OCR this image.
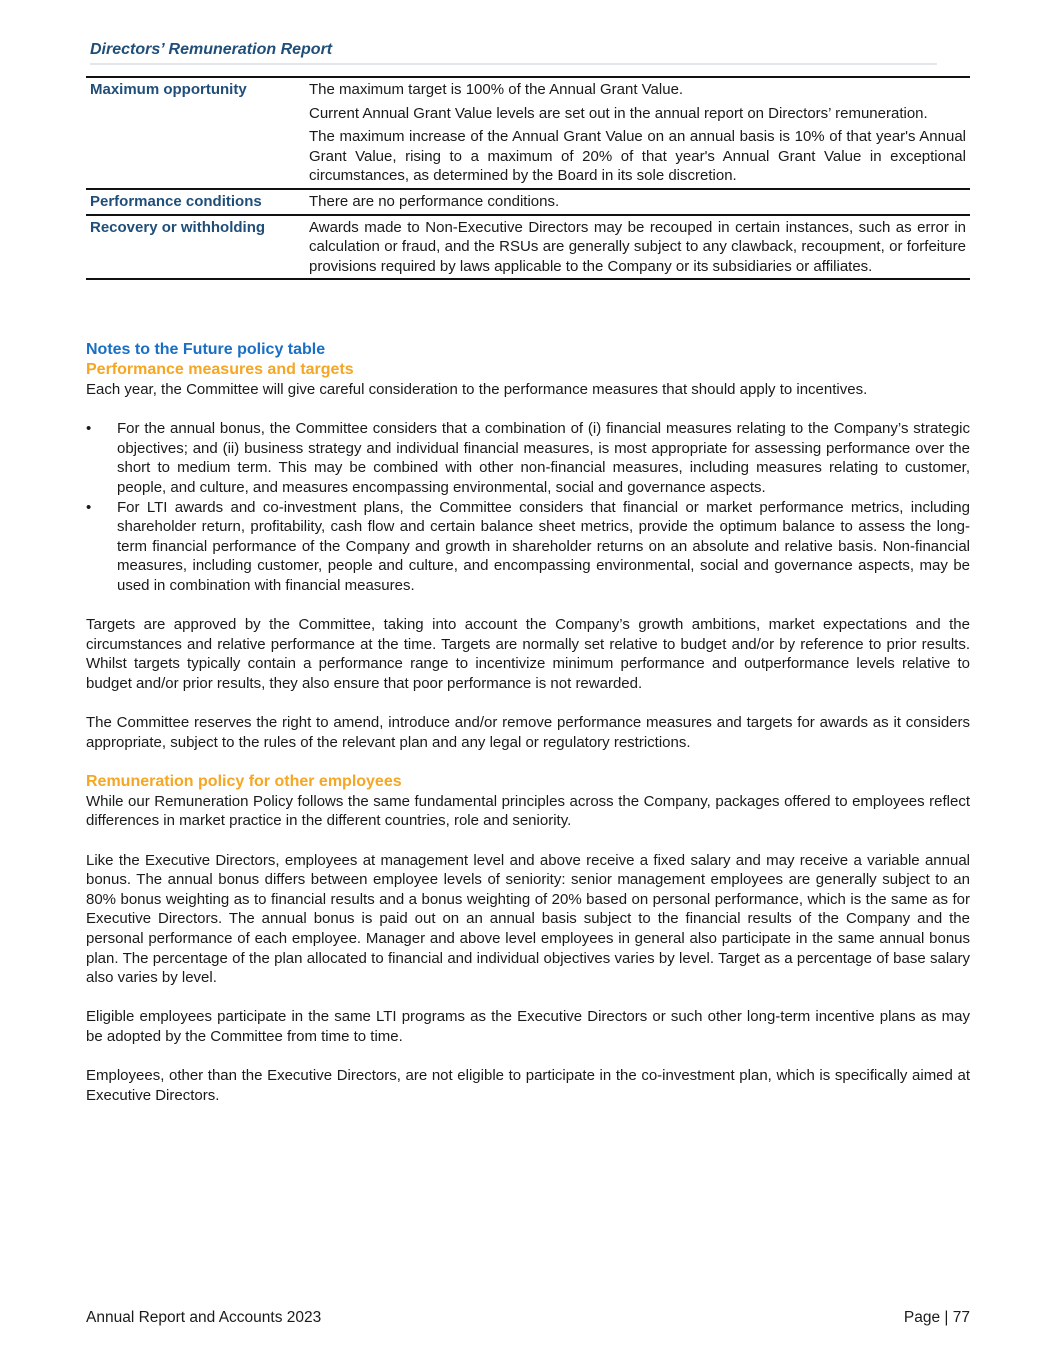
Directors’ Remuneration Report
Maximum opportunity	The maximum target is 100% of the Annual Grant Value.

Current Annual Grant Value levels are set out in the annual report on Directors’ remuneration.

The maximum increase of the Annual Grant Value on an annual basis is 10% of that year's Annual Grant Value, rising to a maximum of 20% of that year's Annual Grant Value in exceptional circumstances, as determined by the Board in its sole discretion.

Performance conditions	There are no performance conditions.

Recovery or withholding	Awards made to Non-Executive Directors may be recouped in certain instances, such as error in calculation or fraud, and the RSUs are generally subject to any clawback, recoupment, or forfeiture provisions required by laws applicable to the Company or its subsidiaries or affiliates.

Notes to the Future policy table
Performance measures and targets

Each year, the Committee will give careful consideration to the performance measures that should apply to incentives.

• For the annual bonus, the Committee considers that a combination of (i) financial measures relating to the Company’s strategic objectives; and (ii) business strategy and individual financial measures, is most appropriate for assessing performance over the short to medium term. This may be combined with other non-financial measures, including measures relating to customer, people, and culture, and measures encompassing environmental, social and governance aspects.
• For LTI awards and co-investment plans, the Committee considers that financial or market performance metrics, including shareholder return, profitability, cash flow and certain balance sheet metrics, provide the optimum balance to assess the long-term financial performance of the Company and growth in shareholder returns on an absolute and relative basis. Non-financial measures, including customer, people and culture, and encompassing environmental, social and governance aspects, may be used in combination with financial measures.

Targets are approved by the Committee, taking into account the Company’s growth ambitions, market expectations and the circumstances and relative performance at the time. Targets are normally set relative to budget and/or by reference to prior results. Whilst targets typically contain a performance range to incentivize minimum performance and outperformance levels relative to budget and/or prior results, they also ensure that poor performance is not rewarded.

The Committee reserves the right to amend, introduce and/or remove performance measures and targets for awards as it considers appropriate, subject to the rules of the relevant plan and any legal or regulatory restrictions.

Remuneration policy for other employees

While our Remuneration Policy follows the same fundamental principles across the Company, packages offered to employees reflect differences in market practice in the different countries, role and seniority.

Like the Executive Directors, employees at management level and above receive a fixed salary and may receive a variable annual bonus. The annual bonus differs between employee levels of seniority: senior management employees are generally subject to an 80% bonus weighting as to financial results and a bonus weighting of 20% based on personal performance, which is the same as for Executive Directors. The annual bonus is paid out on an annual basis subject to the financial results of the Company and the personal performance of each employee. Manager and above level employees in general also participate in the same annual bonus plan. The percentage of the plan allocated to financial and individual objectives varies by level. Target as a percentage of base salary also varies by level.

Eligible employees participate in the same LTI programs as the Executive Directors or such other long-term incentive plans as may be adopted by the Committee from time to time.

Employees, other than the Executive Directors, are not eligible to participate in the co-investment plan, which is specifically aimed at Executive Directors.

Annual Report and Accounts 2023	Page | 77
